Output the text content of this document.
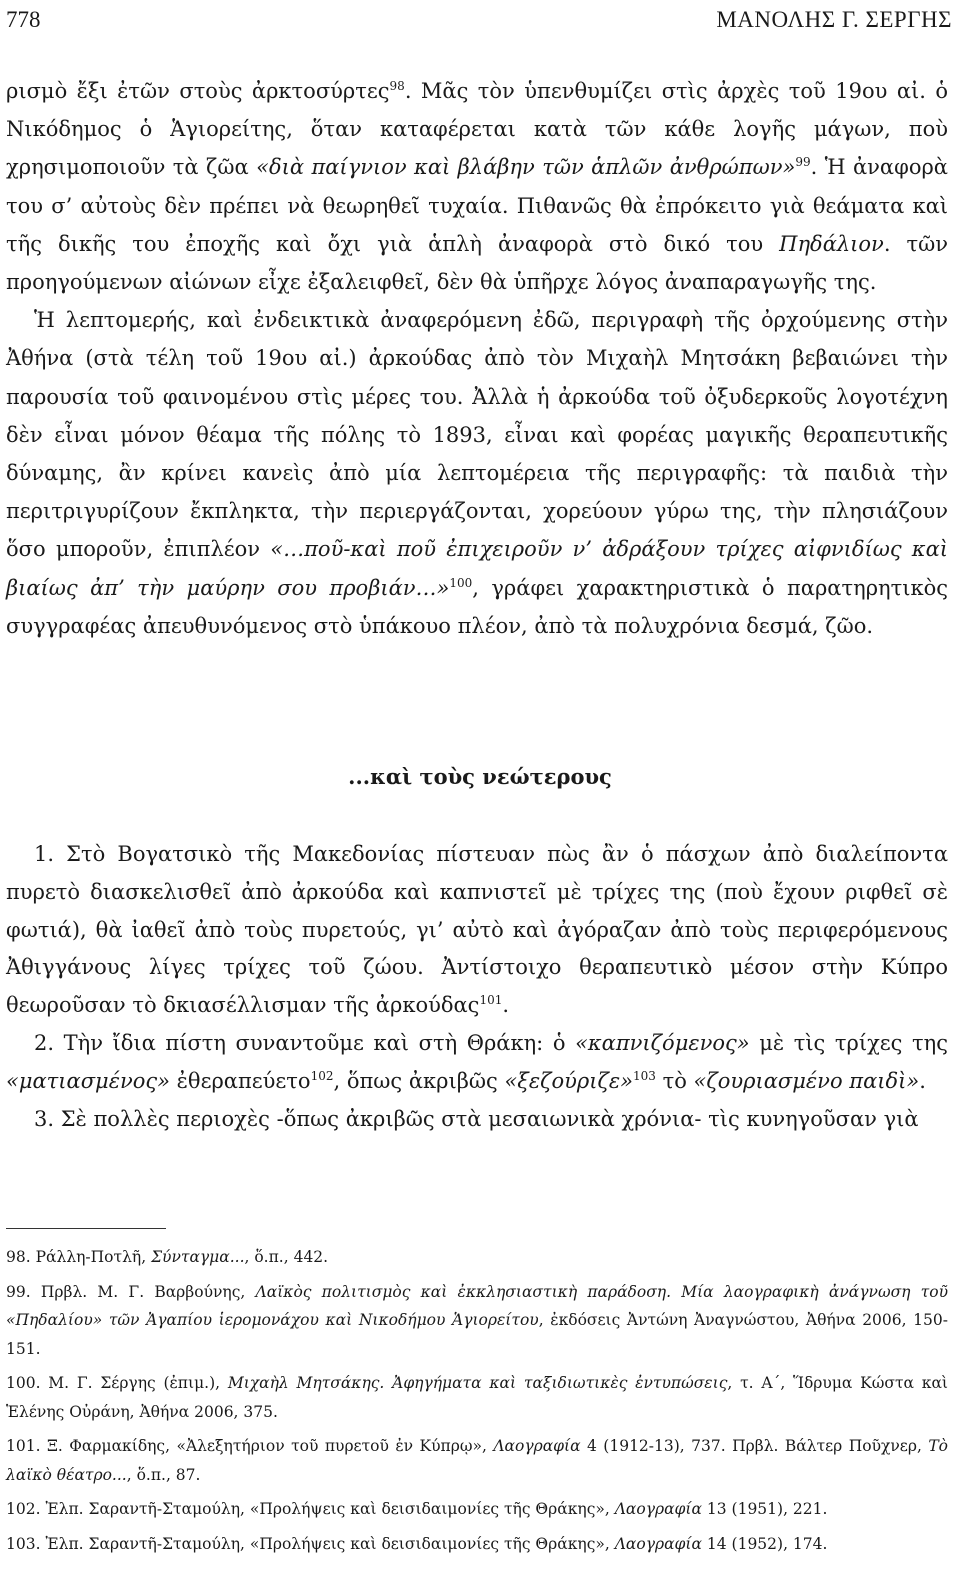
778	ΜΑΝΟΛΗΣ Γ. ΣΕΡΓΗΣ

ρισμὸ ἔξι ἐτῶν στοὺς ἀρκτοσύρτες$^{98}$. Μᾶς τὸν ὑπενθυμίζει στὶς ἀρχὲς τοῦ 19ου αἰ. ὁ Νικόδημος ὁ Ἁγιορείτης, ὅταν καταφέρεται κατὰ τῶν κάθε λογῆς μάγων, ποὺ χρησιμοποιοῦν τὰ ζῶα «διὰ παίγνιον καὶ βλάβην τῶν ἁπλῶν ἀνθρώπων»$^{99}$. Ἡ ἀναφορὰ του σ’ αὐτοὺς δὲν πρέπει νὰ θεωρηθεῖ τυχαία. Πιθανῶς θὰ ἐπρόκειτο γιὰ θεάματα καὶ τῆς δικῆς του ἐποχῆς καὶ ὄχι γιὰ ἁπλὴ ἀναφορὰ στὸ δικό του Πηδάλιον. τῶν προηγούμενων αἰώνων εἶχε ἐξαλειφθεῖ, δὲν θὰ ὑπῆρχε λόγος ἀναπαραγωγῆς της.

Ἡ λεπτομερής, καὶ ἐνδεικτικὰ ἀναφερόμενη ἐδῶ, περιγραφὴ τῆς ὀρχούμενης στὴν Ἀθήνα (στὰ τέλη τοῦ 19ου αἰ.) ἀρκούδας ἀπὸ τὸν Μιχαὴλ Μητσάκη βεβαιώνει τὴν παρουσία τοῦ φαινομένου στὶς μέρες του. Ἀλλὰ ἡ ἀρκούδα τοῦ ὀξυδερκοῦς λογοτέχνη δὲν εἶναι μόνον θέαμα τῆς πόλης τὸ 1893, εἶναι καὶ φορέας μαγικῆς θεραπευτικῆς δύναμης, ἂν κρίνει κανεὶς ἀπὸ μία λεπτομέρεια τῆς περιγραφῆς: τὰ παιδιὰ τὴν περιτριγυρίζουν ἔκπληκτα, τὴν περιεργάζονται, χορεύουν γύρω της, τὴν πλησιάζουν ὅσο μποροῦν, ἐπιπλέον «…ποῦ-καὶ ποῦ ἐπιχειροῦν ν’ ἀδράξουν τρίχες αἰφνιδίως καὶ βιαίως ἀπ’ τὴν μαύρην σου προβιάν…»$^{100}$, γράφει χαρακτηριστικὰ ὁ παρατηρητικὸς συγγραφέας ἀπευθυνόμενος στὸ ὑπάκουο πλέον, ἀπὸ τὰ πολυχρόνια δεσμά, ζῶο.

...καὶ τοὺς νεώτερους

1. Στὸ Βογατσικὸ τῆς Μακεδονίας πίστευαν πὼς ἂν ὁ πάσχων ἀπὸ διαλείποντα πυρετὸ διασκελισθεῖ ἀπὸ ἀρκούδα καὶ καπνιστεῖ μὲ τρίχες της (ποὺ ἔχουν ριφθεῖ σὲ φωτιά), θὰ ἰαθεῖ ἀπὸ τοὺς πυρετούς, γι’ αὐτὸ καὶ ἀγόραζαν ἀπὸ τοὺς περιφερόμενους Ἀθιγγάνους λίγες τρίχες τοῦ ζώου. Ἀντίστοιχο θεραπευτικὸ μέσον στὴν Κύπρο θεωροῦσαν τὸ δκιασέλλισμαν τῆς ἀρκούδας$^{101}$.

2. Τὴν ἴδια πίστη συναντοῦμε καὶ στὴ Θράκη: ὁ «καπνιζόμενος» μὲ τὶς τρίχες της «ματιασμένος» ἐθεραπεύετο$^{102}$, ὅπως ἀκριβῶς «ξεζούριζε»$^{103}$ τὸ «ζουριασμένο παιδὶ».

3. Σὲ πολλὲς περιοχὲς -ὅπως ἀκριβῶς στὰ μεσαιωνικὰ χρόνια- τὶς κυνηγοῦσαν γιὰ

98. Ράλλη-Ποτλῆ, Σύνταγμα..., ὅ.π., 442.
99. Πρβλ. Μ. Γ. Βαρβούνης, Λαϊκὸς πολιτισμὸς καὶ ἐκκλησιαστικὴ παράδοση. Μία λαογραφικὴ ἀνάγνωση τοῦ «Πηδαλίου» τῶν Ἀγαπίου ἱερομονάχου καὶ Νικοδήμου Ἁγιορείτου, ἐκδόσεις Ἀντώνη Ἀναγνώστου, Ἀθήνα 2006, 150-151.
100. Μ. Γ. Σέργης (ἐπιμ.), Μιχαὴλ Μητσάκης. Ἀφηγήματα καὶ ταξιδιωτικὲς ἐντυπώσεις, τ. Α΄, Ἵδρυμα Κώστα καὶ Ἑλένης Οὐράνη, Ἀθήνα 2006, 375.
101. Ξ. Φαρμακίδης, «Ἀλεξητήριον τοῦ πυρετοῦ ἐν Κύπρῳ», Λαογραφία 4 (1912-13), 737. Πρβλ. Βάλτερ Ποῦχνερ, Τὸ λαϊκὸ θέατρο..., ὅ.π., 87.
102. Ἐλπ. Σαραντῆ-Σταμούλη, «Προλήψεις καὶ δεισιδαιμονίες τῆς Θράκης», Λαογραφία 13 (1951), 221.
103. Ἐλπ. Σαραντῆ-Σταμούλη, «Προλήψεις καὶ δεισιδαιμονίες τῆς Θράκης», Λαογραφία 14 (1952), 174.
